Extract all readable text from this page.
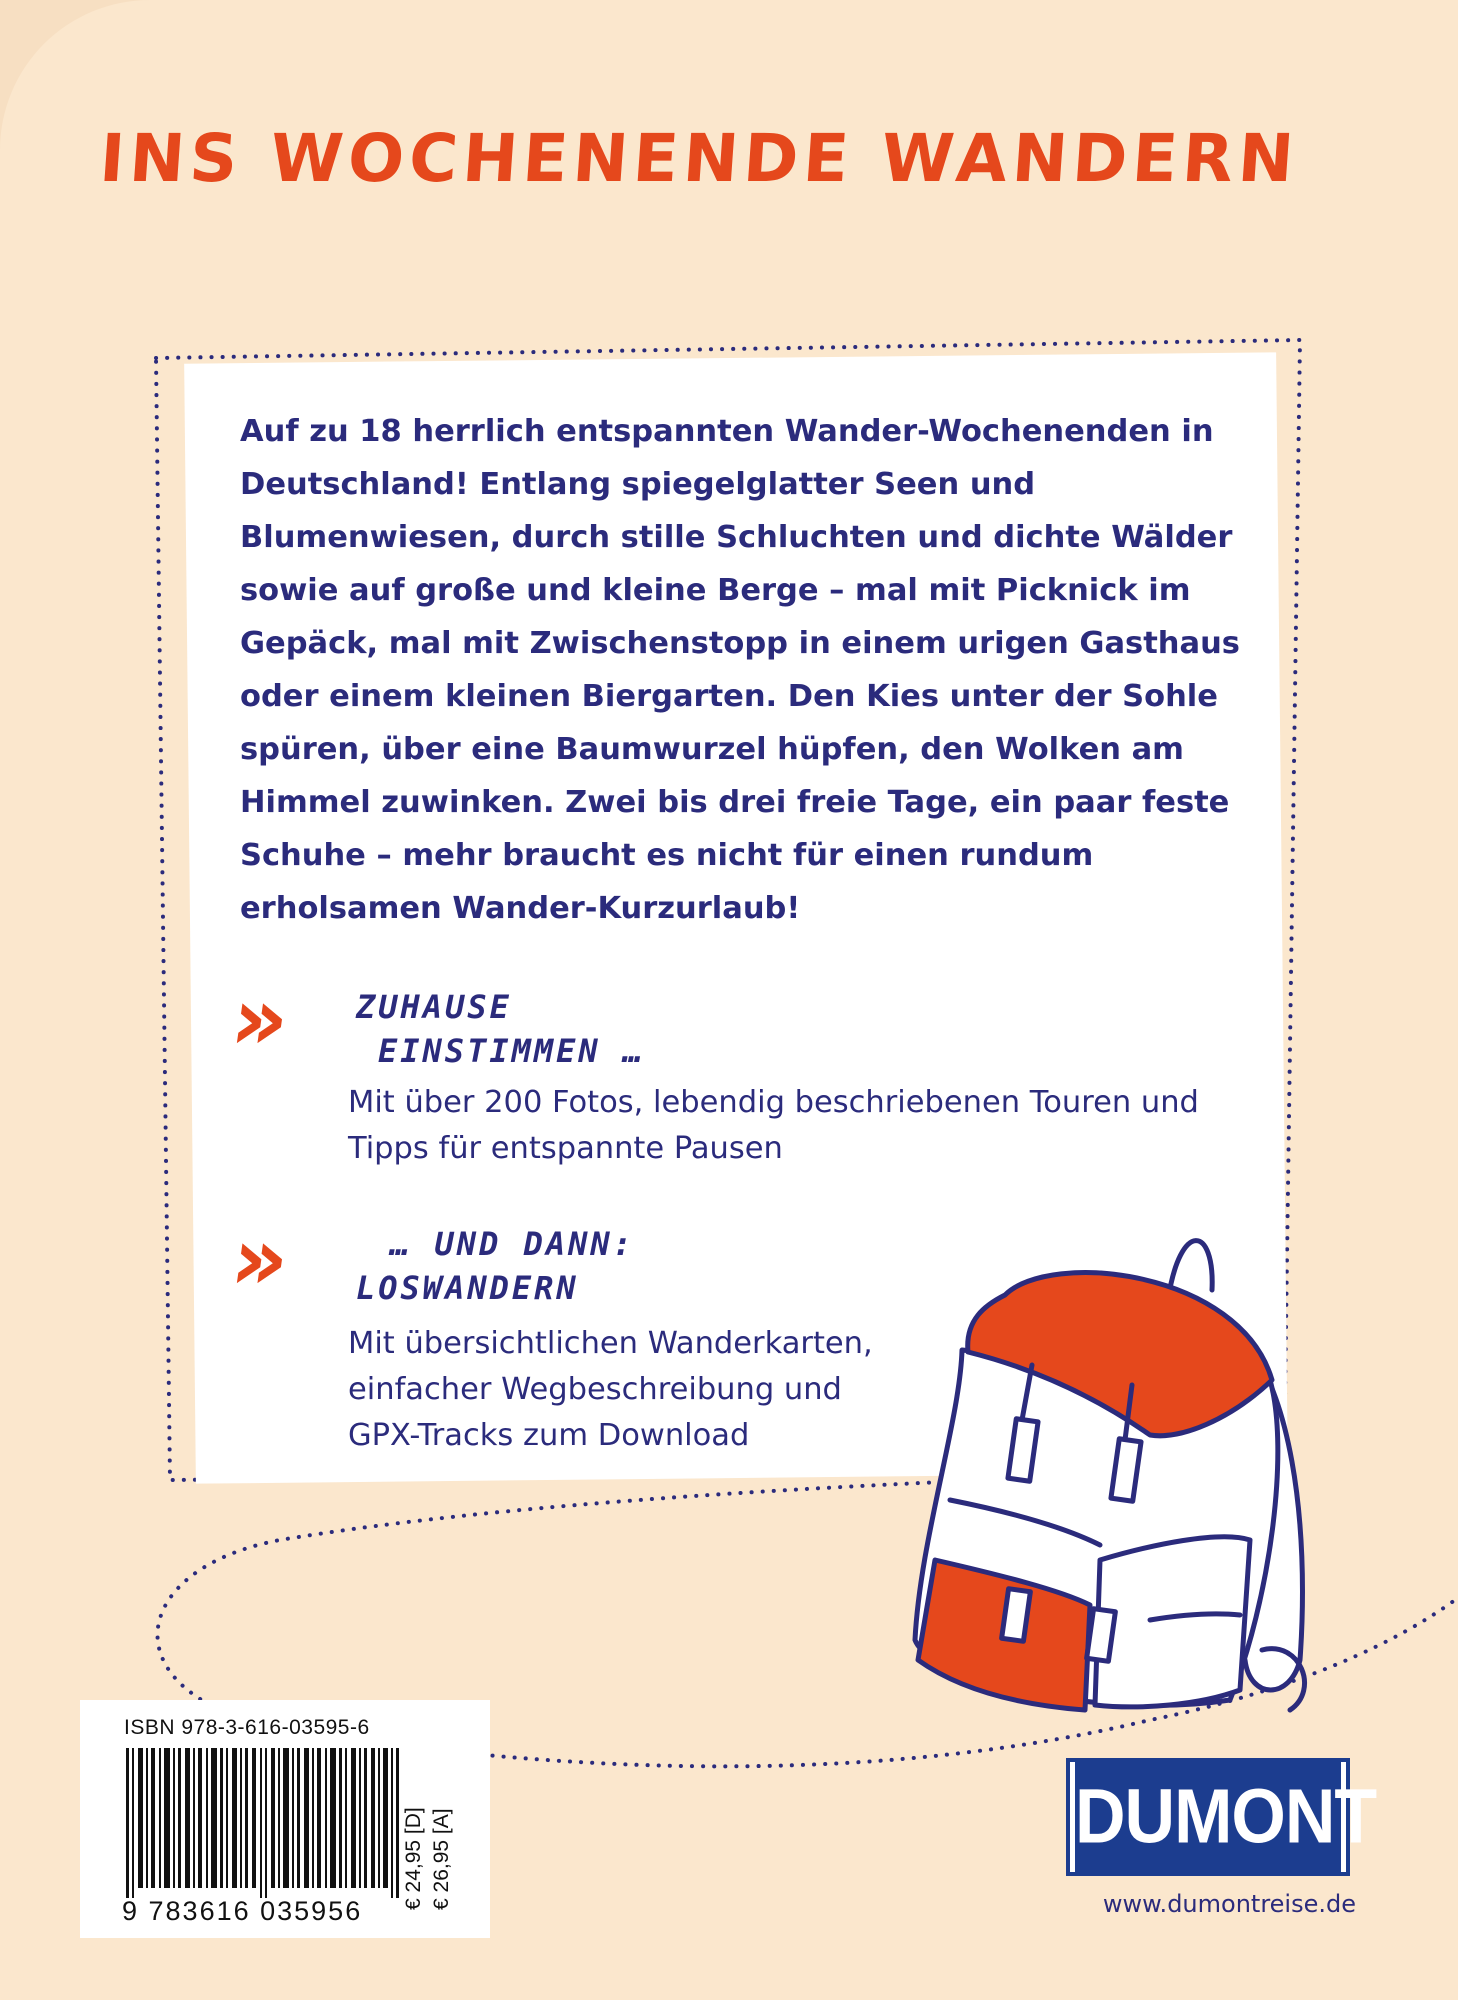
INS WOCHENENDE WANDERN

Auf zu 18 herrlich entspannten Wander-Wochenenden in Deutschland! Entlang spiegelglatter Seen und Blumenwiesen, durch stille Schluchten und dichte Wälder sowie auf große und kleine Berge – mal mit Picknick im Gepäck, mal mit Zwischenstopp in einem urigen Gasthaus oder einem kleinen Biergarten. Den Kies unter der Sohle spüren, über eine Baumwurzel hüpfen, den Wolken am Himmel zuwinken. Zwei bis drei freie Tage, ein paar feste Schuhe – mehr braucht es nicht für einen rundum erholsamen Wander-Kurzurlaub!

» ZUHAUSE
EINSTIMMEN …

Mit über 200 Fotos, lebendig beschriebenen Touren und Tipps für entspannte Pausen

»	… UND DANN:
LOSWANDERN

Mit übersichtlichen Wanderkarten, einfacher Wegbeschreibung und GPX-Tracks zum Download

ISBN 978-3-616-03595-6
9 783616 035956
€ 24,95 [D] € 26,95 [A]	DUMONT
www.dumontreise.de
